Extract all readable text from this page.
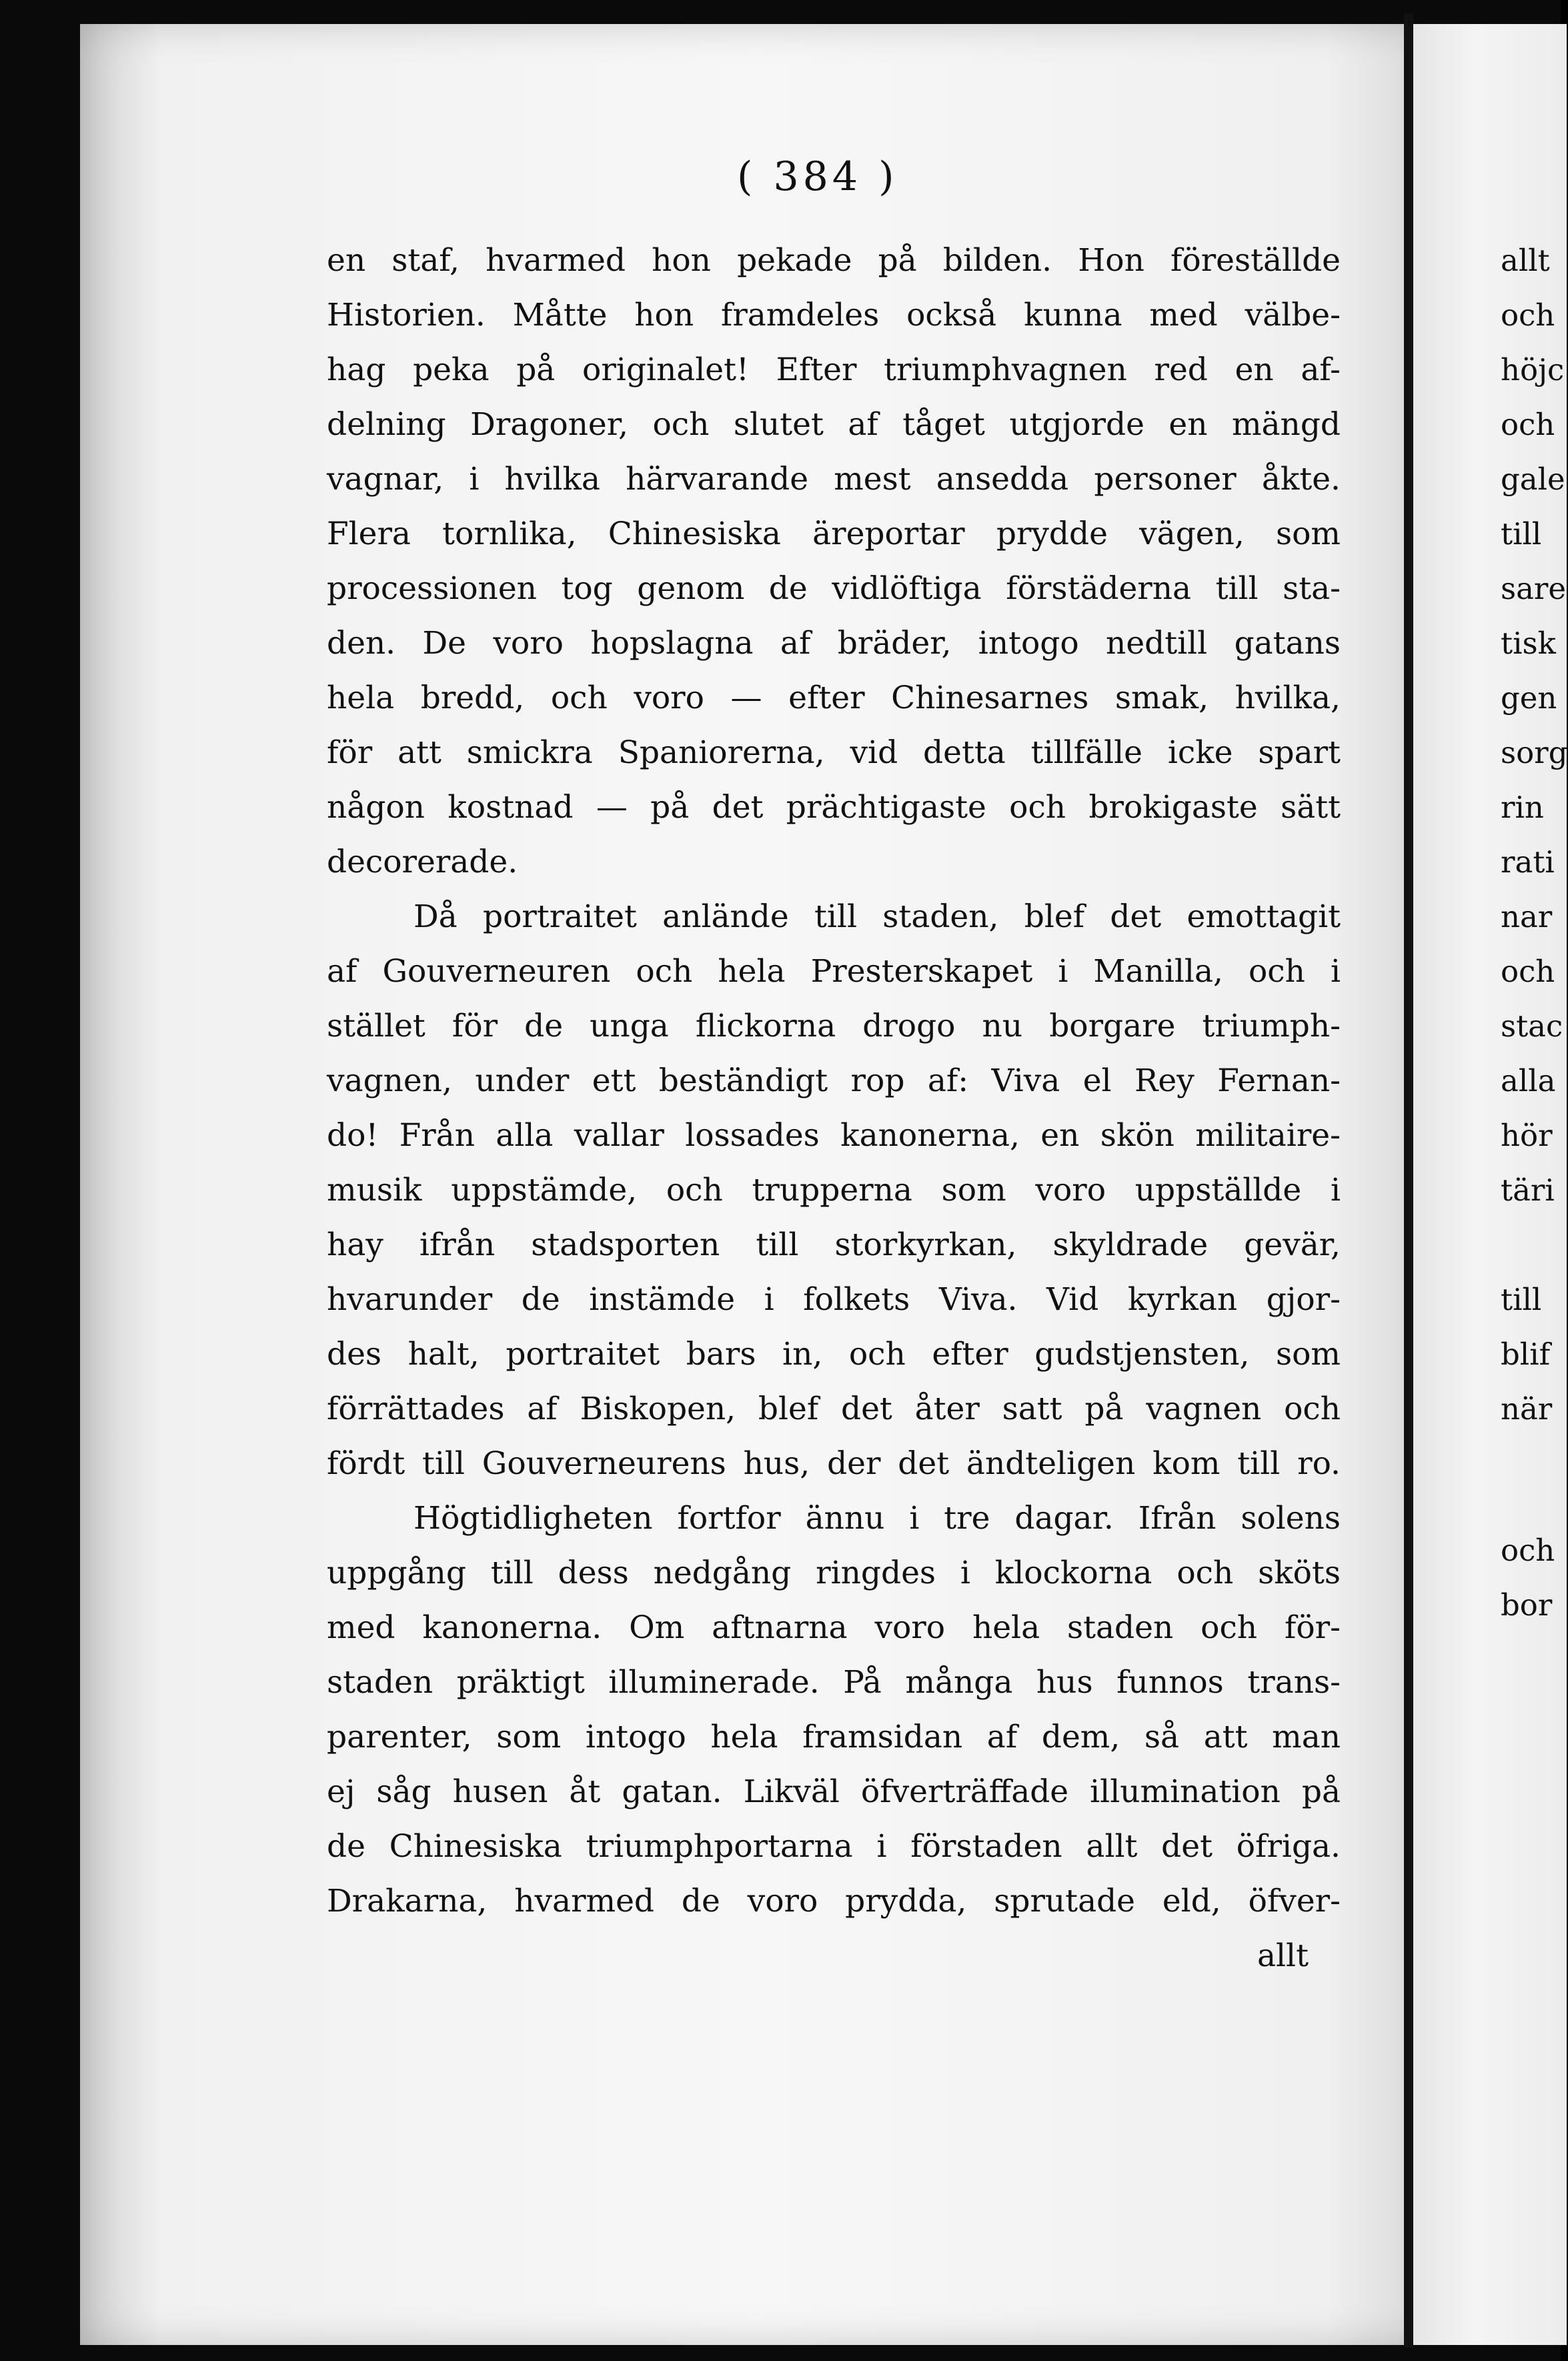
( 384 )
en staf, hvarmed hon pekade på bilden. Hon föreställde
Historien. Måtte hon framdeles också kunna med välbe-
hag peka på originalet! Efter triumphvagnen red en af-
delning Dragoner, och slutet af tåget utgjorde en mängd
vagnar, i hvilka härvarande mest ansedda personer åkte.
Flera tornlika, Chinesiska äreportar prydde vägen, som
processionen tog genom de vidlöftiga förstäderna till sta-
den. De voro hopslagna af bräder, intogo nedtill gatans
hela bredd, och voro — efter Chinesarnes smak, hvilka,
för att smickra Spaniorerna, vid detta tillfälle icke spart
någon kostnad — på det prächtigaste och brokigaste sätt
decorerade.
Då portraitet anlände till staden, blef det emottagit
af Gouverneuren och hela Presterskapet i Manilla, och i
stället för de unga flickorna drogo nu borgare triumph-
vagnen, under ett beständigt rop af: Viva el Rey Fernan-
do! Från alla vallar lossades kanonerna, en skön militaire-
musik uppstämde, och trupperna som voro uppställde i
hay ifrån stadsporten till storkyrkan, skyldrade gevär,
hvarunder de instämde i folkets Viva. Vid kyrkan gjor-
des halt, portraitet bars in, och efter gudstjensten, som
förrättades af Biskopen, blef det åter satt på vagnen och
fördt till Gouverneurens hus, der det ändteligen kom till ro.
Högtidligheten fortfor ännu i tre dagar. Ifrån solens
uppgång till dess nedgång ringdes i klockorna och sköts
med kanonerna. Om aftnarna voro hela staden och för-
staden präktigt illuminerade. På många hus funnos trans-
parenter, som intogo hela framsidan af dem, så att man
ej såg husen åt gatan. Likväl öfverträffade illumination på
de Chinesiska triumphportarna i förstaden allt det öfriga.
Drakarna, hvarmed de voro prydda, sprutade eld, öfver-
allt
allt
och
höjc
och
gale
till
sare
tisk
gen
sorg
rin
rati
nar
och
stac
alla
hör
täri
till
blif
när
och
bor
